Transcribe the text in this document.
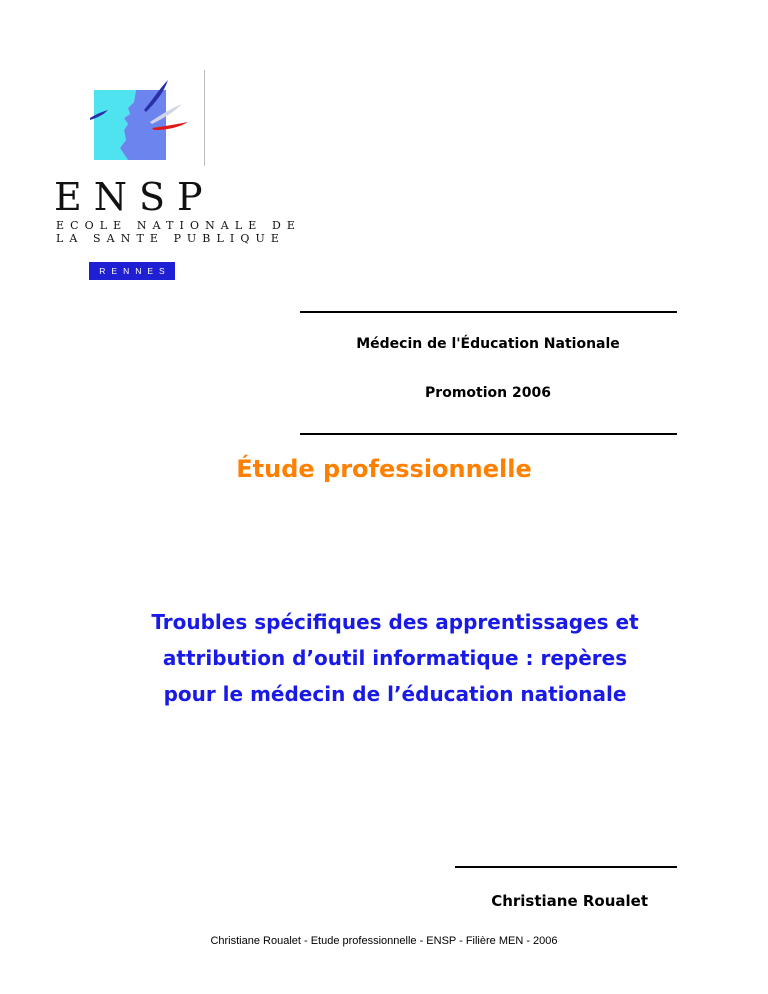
ENSP
ECOLE NATIONALE DE
LA SANTE PUBLIQUE
RENNES
Médecin de l'Éducation Nationale
Promotion 2006
Étude professionnelle
Troubles spécifiques des apprentissages et
attribution d’outil informatique : repères
pour le médecin de l’éducation nationale
Christiane Roualet
Christiane Roualet - Etude professionnelle - ENSP - Filière MEN - 2006
